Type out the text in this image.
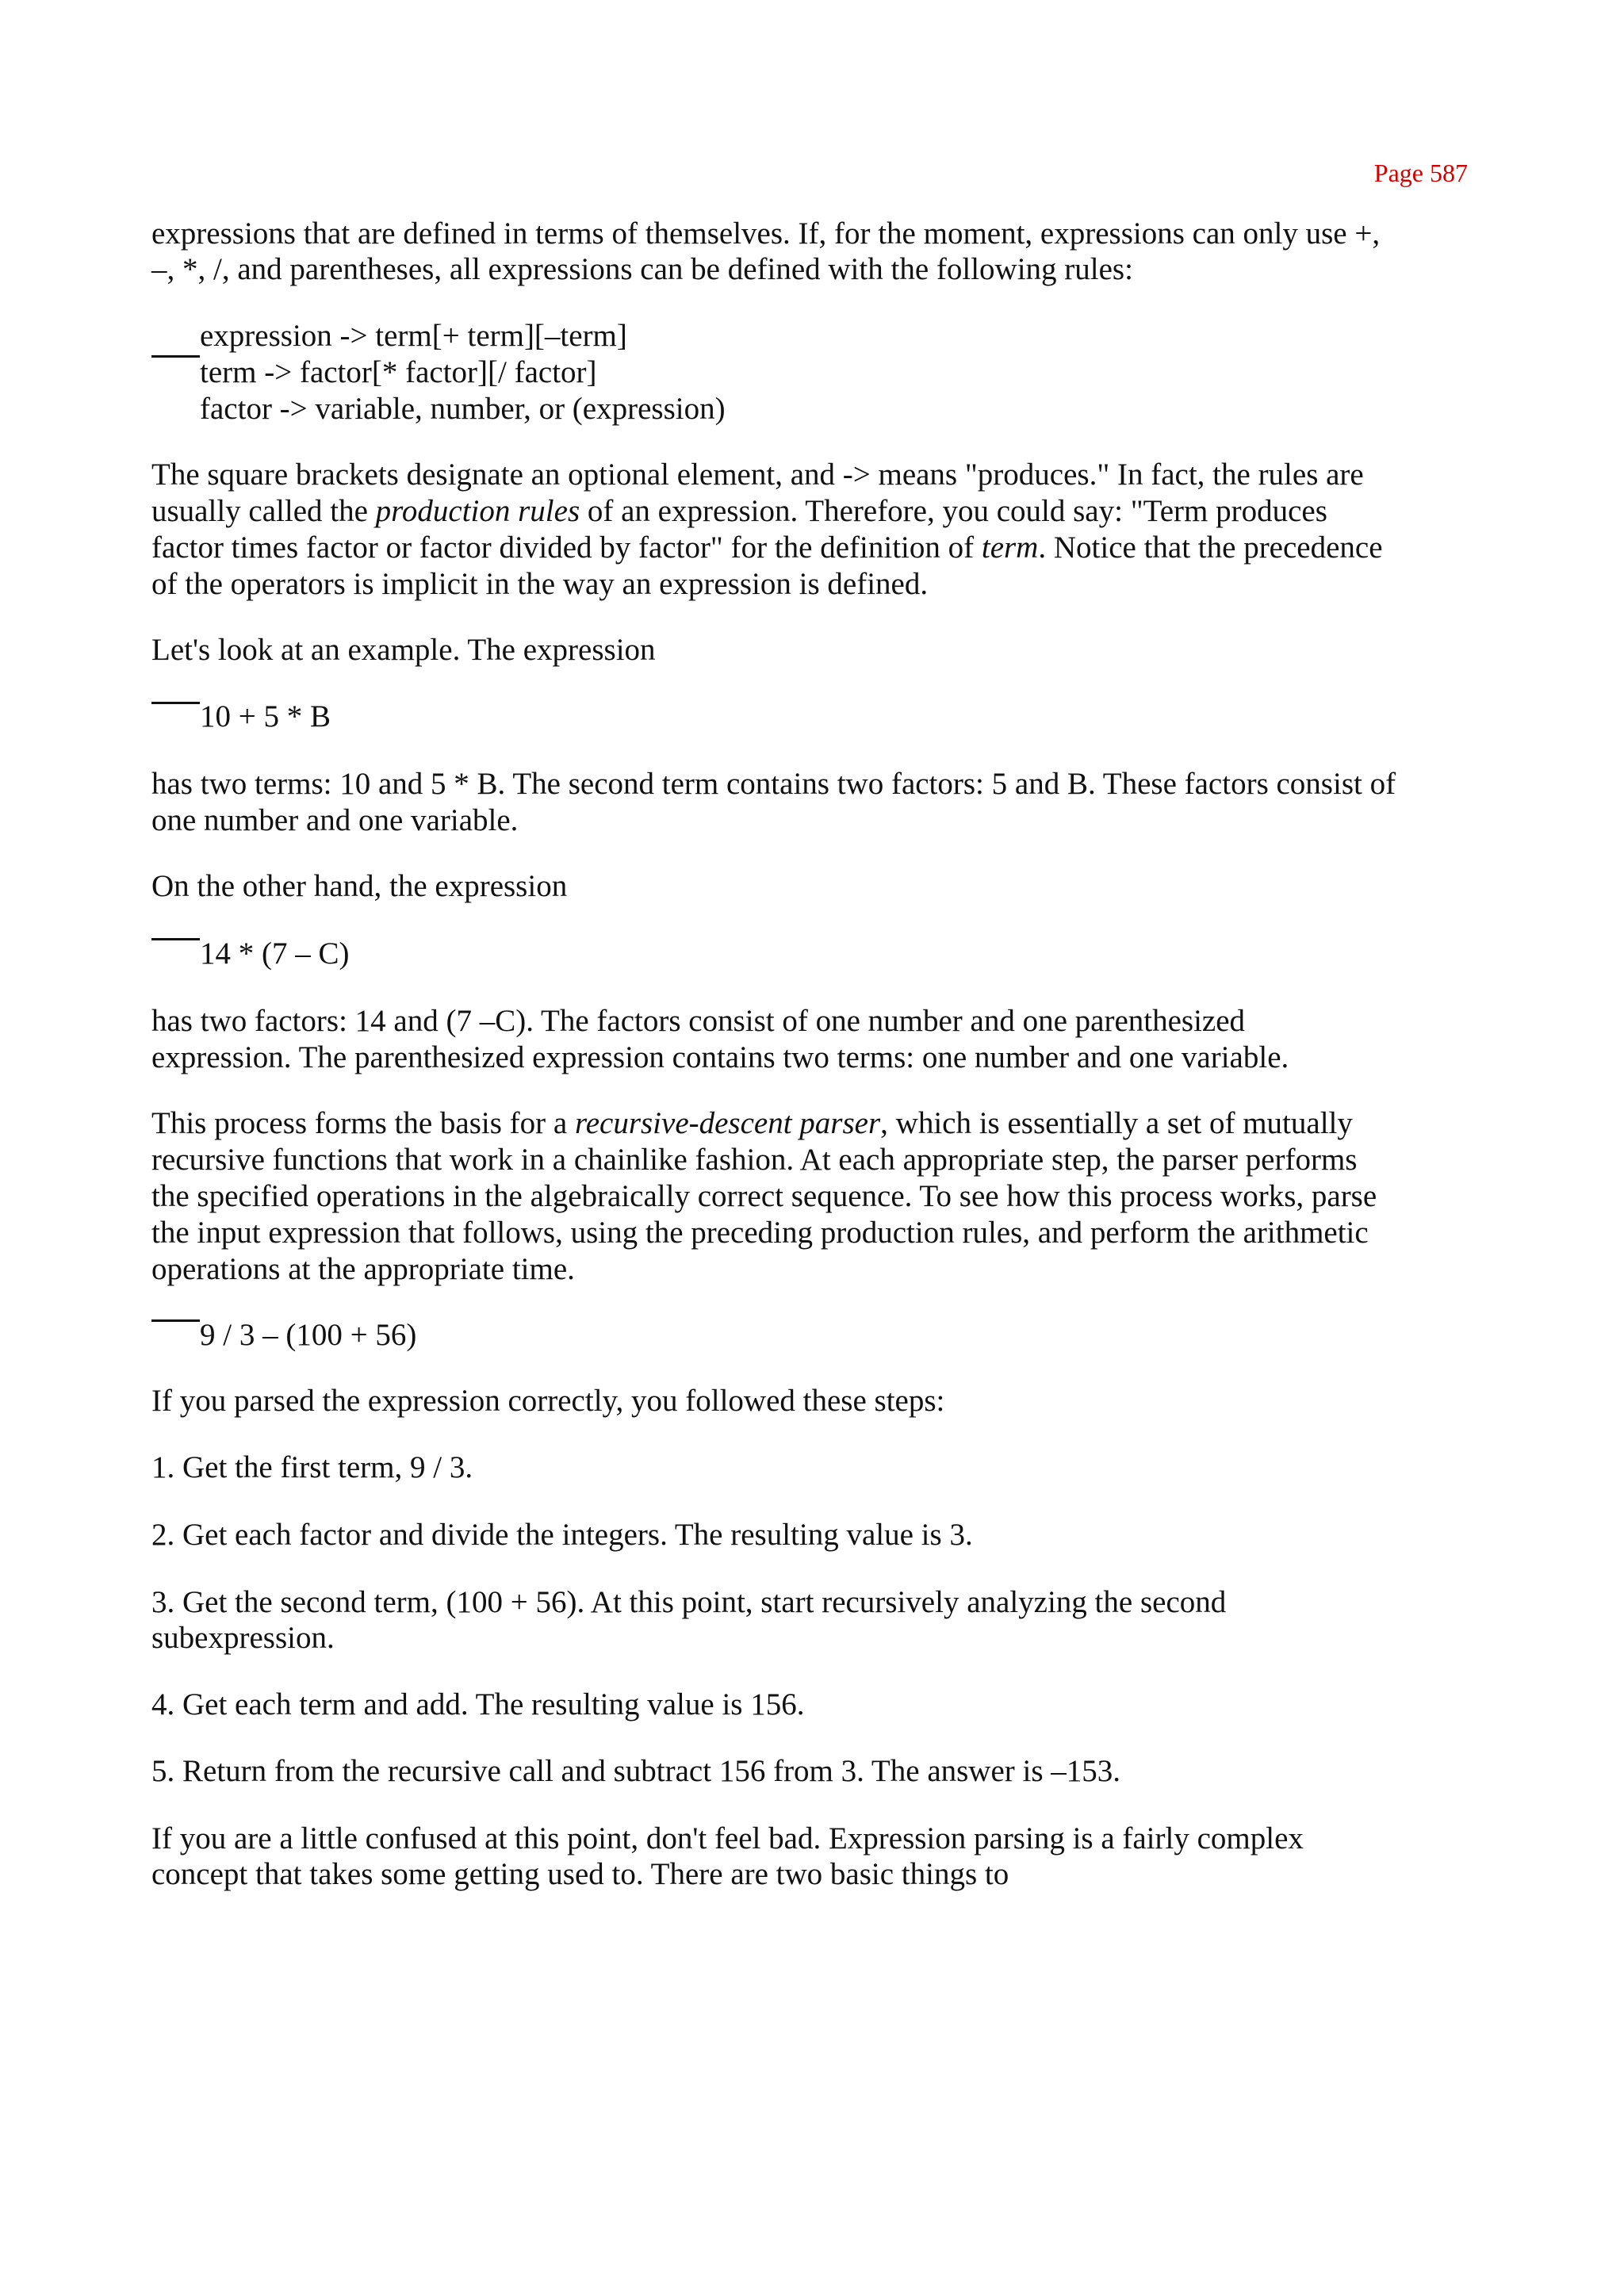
Page 587
expressions that are defined in terms of themselves. If, for the moment, expressions can only use +,
–, *, /, and parentheses, all expressions can be defined with the following rules:
expression -> term[+ term][–term]
term -> factor[* factor][/ factor]
factor -> variable, number, or (expression)
The square brackets designate an optional element, and -> means "produces." In fact, the rules are
usually called the production rules of an expression. Therefore, you could say: "Term produces
factor times factor or factor divided by factor" for the definition of term. Notice that the precedence
of the operators is implicit in the way an expression is defined.
Let's look at an example. The expression
10 + 5 * B
has two terms: 10 and 5 * B. The second term contains two factors: 5 and B. These factors consist of
one number and one variable.
On the other hand, the expression
14 * (7 – C)
has two factors: 14 and (7 –C). The factors consist of one number and one parenthesized
expression. The parenthesized expression contains two terms: one number and one variable.
This process forms the basis for a recursive-descent parser, which is essentially a set of mutually
recursive functions that work in a chainlike fashion. At each appropriate step, the parser performs
the specified operations in the algebraically correct sequence. To see how this process works, parse
the input expression that follows, using the preceding production rules, and perform the arithmetic
operations at the appropriate time.
9 / 3 – (100 + 56)
If you parsed the expression correctly, you followed these steps:
1. Get the first term, 9 / 3.
2. Get each factor and divide the integers. The resulting value is 3.
3. Get the second term, (100 + 56). At this point, start recursively analyzing the second
subexpression.
4. Get each term and add. The resulting value is 156.
5. Return from the recursive call and subtract 156 from 3. The answer is –153.
If you are a little confused at this point, don't feel bad. Expression parsing is a fairly complex
concept that takes some getting used to. There are two basic things to
